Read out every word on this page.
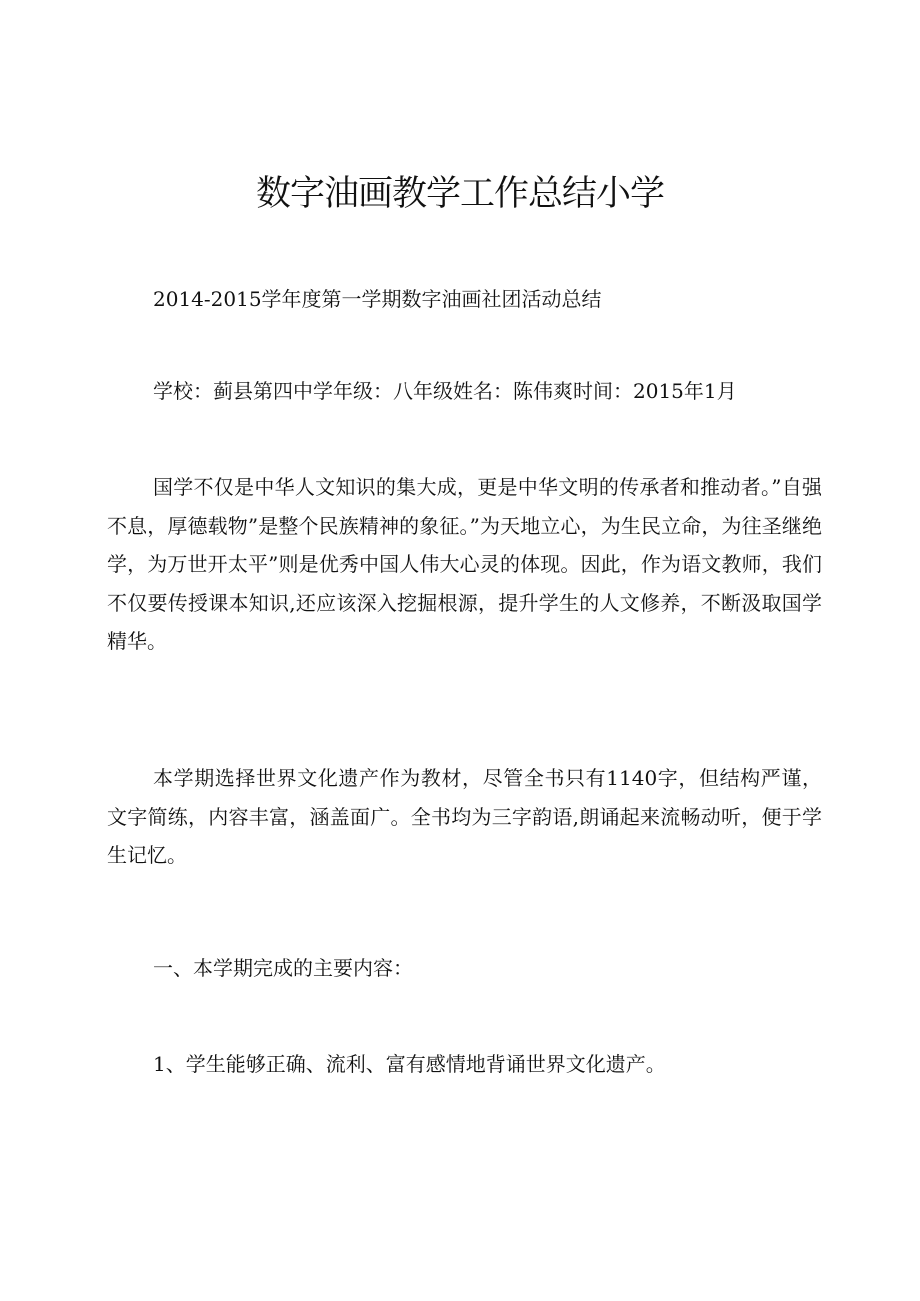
数字油画教学工作总结小学

2014-2015学年度第一学期数字油画社团活动总结

学校：蓟县第四中学年级：八年级姓名：陈伟爽时间：2015年1月

国学不仅是中华人文知识的集大成，更是中华文明的传承者和推动者。”自强不息，厚德载物”是整个民族精神的象征。”为天地立心，为生民立命，为往圣继绝学，为万世开太平”则是优秀中国人伟大心灵的体现。因此，作为语文教师，我们不仅要传授课本知识,还应该深入挖掘根源，提升学生的人文修养，不断汲取国学精华。

本学期选择世界文化遗产作为教材，尽管全书只有1140字，但结构严谨，文字简练，内容丰富，涵盖面广。全书均为三字韵语,朗诵起来流畅动听，便于学生记忆。

一、本学期完成的主要内容：

1、学生能够正确、流利、富有感情地背诵世界文化遗产。
